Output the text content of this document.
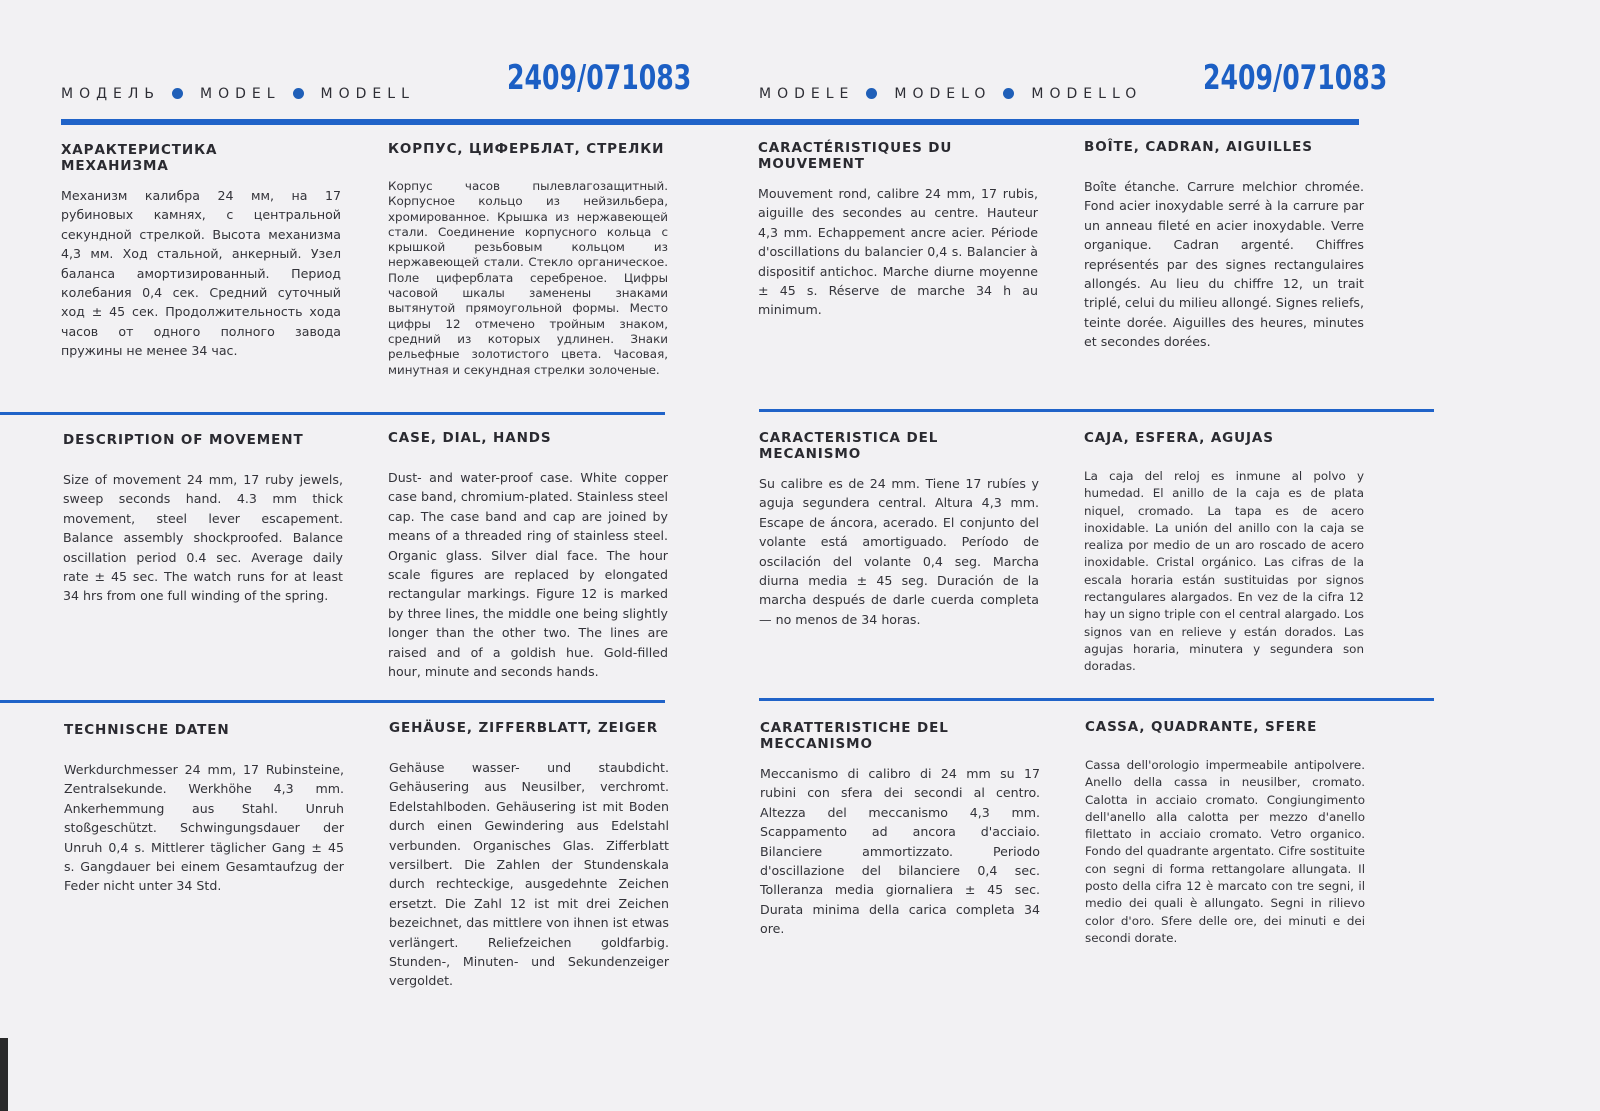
МОДЕЛЬ	MODEL	MODELL	2409/071083	MODELE	MODELO	MODELLO 2409/071083
ХАРАКТЕРИСТИКА
МЕХАНИЗМА

Механизм калибра 24 мм, на 17 рубиновых камнях, с центральной секундной стрелкой. Высота механизма 4,3 мм. Ход стальной, анкерный. Узел баланса амортизированный. Период колебания 0,4 сек. Средний суточный ход ± 45 сек. Продолжительность хода часов от одного полного завода пружины не менее 34 час.

КОРПУС, ЦИФЕРБЛАТ, СТРЕЛКИ

Корпус часов пылевлагозащитный. Корпусное кольцо из нейзильбера, хромированное. Крышка из нержавеющей стали. Соединение корпусного кольца с крышкой резьбовым кольцом из нержавеющей стали. Стекло органическое. Поле циферблата серебреное. Цифры часовой шкалы заменены знаками вытянутой прямоугольной формы. Место цифры 12 отмечено тройным знаком, средний из которых удлинен. Знаки рельефные золотистого цвета. Часовая, минутная и секундная стрелки золоченые.

CARACTÉRISTIQUES DU
MOUVEMENT

Mouvement rond, calibre 24 mm, 17 rubis, aiguille des secondes au centre. Hauteur 4,3 mm. Echappement ancre acier. Période d'oscillations du balancier 0,4 s. Balancier à dispositif antichoc. Marche diurne moyenne ± 45 s. Réserve de marche 34 h au minimum.

BOÎTE, CADRAN, AIGUILLES

Boîte étanche. Carrure melchior chromée. Fond acier inoxydable serré à la carrure par un anneau fileté en acier inoxydable. Verre organique. Cadran argenté. Chiffres représentés par des signes rectangulaires allongés. Au lieu du chiffre 12, un trait triplé, celui du milieu allongé. Signes reliefs, teinte dorée. Aiguilles des heures, minutes et secondes dorées.

DESCRIPTION OF MOVEMENT

Size of movement 24 mm, 17 ruby jewels, sweep seconds hand. 4.3 mm thick movement, steel lever escapement. Balance assembly shockproofed. Balance oscillation period 0.4 sec. Average daily rate ± 45 sec. The watch runs for at least 34 hrs from one full winding of the spring.

CASE, DIAL, HANDS

Dust- and water-proof case. White copper case band, chromium-plated. Stainless steel cap. The case band and cap are joined by means of a threaded ring of stainless steel. Organic glass. Silver dial face. The hour scale figures are replaced by elongated rectangular markings. Figure 12 is marked by three lines, the middle one being slightly longer than the other two. The lines are raised and of a goldish hue. Gold-filled hour, minute and seconds hands.

CARACTERISTICA DEL
MECANISMO

Su calibre es de 24 mm. Tiene 17 rubíes y aguja segundera central. Altura 4,3 mm. Escape de áncora, acerado. El conjunto del volante está amortiguado. Período de oscilación del volante 0,4 seg. Marcha diurna media ± 45 seg. Duración de la marcha después de darle cuerda completa — no menos de 34 horas.

CAJA, ESFERA, AGUJAS

La caja del reloj es inmune al polvo y humedad. El anillo de la caja es de plata niquel, cromado. La tapa es de acero inoxidable. La unión del anillo con la caja se realiza por medio de un aro roscado de acero inoxidable. Cristal orgánico. Las cifras de la escala horaria están sustituidas por signos rectangulares alargados. En vez de la cifra 12 hay un signo triple con el central alargado. Los signos van en relieve y están dorados. Las agujas horaria, minutera y segundera son doradas.

TECHNISCHE DATEN

Werkdurchmesser 24 mm, 17 Rubinsteine, Zentralsekunde. Werkhöhe 4,3 mm. Ankerhemmung aus Stahl. Unruh stoßgeschützt. Schwingungsdauer der Unruh 0,4 s. Mittlerer täglicher Gang ± 45 s. Gangdauer bei einem Gesamtaufzug der Feder nicht unter 34 Std.

GEHÄUSE, ZIFFERBLATT, ZEIGER

Gehäuse wasser- und staubdicht. Gehäusering aus Neusilber, verchromt. Edelstahlboden. Gehäusering ist mit Boden durch einen Gewindering aus Edelstahl verbunden. Organisches Glas. Zifferblatt versilbert. Die Zahlen der Stundenskala durch rechteckige, ausgedehnte Zeichen ersetzt. Die Zahl 12 ist mit drei Zeichen bezeichnet, das mittlere von ihnen ist etwas verlängert. Reliefzeichen goldfarbig. Stunden-, Minuten- und Sekundenzeiger vergoldet.

CARATTERISTICHE DEL
MECCANISMO

Meccanismo di calibro di 24 mm su 17 rubini con sfera dei secondi al centro. Altezza del meccanismo 4,3 mm. Scappamento ad ancora d'acciaio. Bilanciere ammortizzato. Periodo d'oscillazione del bilanciere 0,4 sec. Tolleranza media giornaliera ± 45 sec. Durata minima della carica completa 34 ore.

CASSA, QUADRANTE, SFERE

Cassa dell'orologio impermeabile antipolvere. Anello della cassa in neusilber, cromato. Calotta in acciaio cromato. Congiungimento dell'anello alla calotta per mezzo d'anello filettato in acciaio cromato. Vetro organico. Fondo del quadrante argentato. Cifre sostituite con segni di forma rettangolare allungata. Il posto della cifra 12 è marcato con tre segni, il medio dei quali è allungato. Segni in rilievo color d'oro. Sfere delle ore, dei minuti e dei secondi dorate.
